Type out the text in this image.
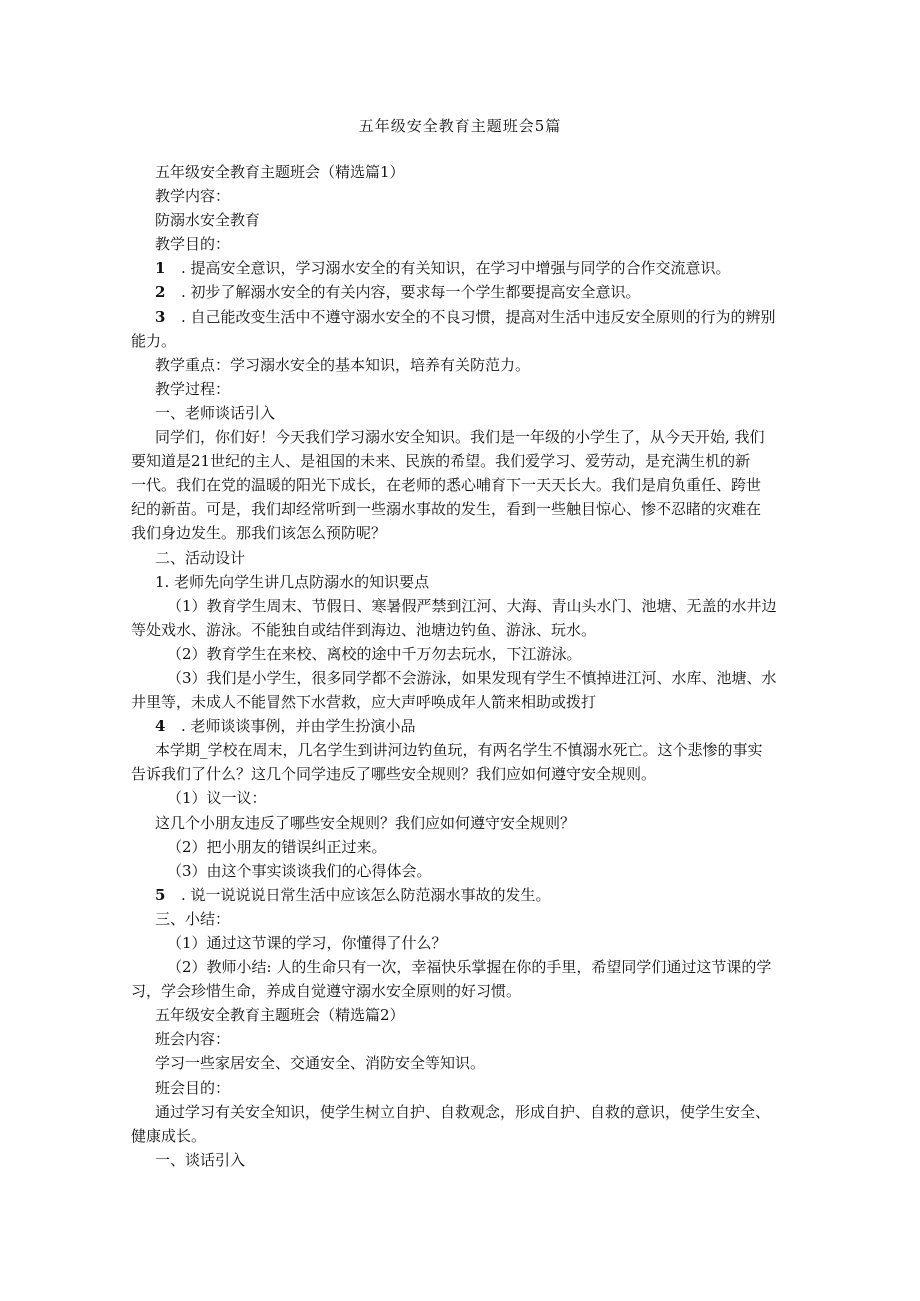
五年级安全教育主题班会5篇

五年级安全教育主题班会（精选篇1）

教学内容：

防溺水安全教育

教学目的：

1 . 提高安全意识，学习溺水安全的有关知识，在学习中增强与同学的合作交流意识。

2 . 初步了解溺水安全的有关内容，要求每一个学生都要提高安全意识。

3 . 自己能改变生活中不遵守溺水安全的不良习惯，提高对生活中违反安全原则的行为的辨别

能力。

教学重点：学习溺水安全的基本知识，培养有关防范力。

教学过程：

一、老师谈话引入

同学们，你们好！今天我们学习溺水安全知识。我们是一年级的小学生了，从今天开始, 我们

要知道是21世纪的主人、是祖国的未来、民族的希望。我们爱学习、爱劳动，是充满生机的新

一代。我们在党的温暖的阳光下成长，在老师的悉心哺育下一天天长大。我们是肩负重任、跨世

纪的新苗。可是，我们却经常听到一些溺水事故的发生，看到一些触目惊心、惨不忍睹的灾难在

我们身边发生。那我们该怎么预防呢？

二、活动设计

1. 老师先向学生讲几点防溺水的知识要点

（1）教育学生周末、节假日、寒暑假严禁到江河、大海、青山头水门、池塘、无盖的水井边

等处戏水、游泳。不能独自或结伴到海边、池塘边钓鱼、游泳、玩水。

（2）教育学生在来校、离校的途中千万勿去玩水，下江游泳。

（3）我们是小学生，很多同学都不会游泳，如果发现有学生不慎掉进江河、水库、池塘、水

井里等，未成人不能冒然下水营救，应大声呼唤成年人箭来相助或拨打

4 . 老师谈谈事例，并由学生扮演小品

本学期_学校在周末，几名学生到讲河边钓鱼玩，有两名学生不慎溺水死亡。这个悲惨的事实

告诉我们了什么？这几个同学违反了哪些安全规则？我们应如何遵守安全规则。

（1）议一议：

这几个小朋友违反了哪些安全规则？我们应如何遵守安全规则？

（2）把小朋友的错误纠正过来。

（3）由这个事实谈谈我们的心得体会。

5 . 说一说说说日常生活中应该怎么防范溺水事故的发生。

三、小结：

（1）通过这节课的学习，你懂得了什么？

（2）教师小结: 人的生命只有一次，幸福快乐掌握在你的手里，希望同学们通过这节课的学

习，学会珍惜生命，养成自觉遵守溺水安全原则的好习惯。

五年级安全教育主题班会（精选篇2）

班会内容：

学习一些家居安全、交通安全、消防安全等知识。

班会目的：

通过学习有关安全知识，使学生树立自护、自救观念，形成自护、自救的意识，使学生安全、

健康成长。

一、谈话引入
